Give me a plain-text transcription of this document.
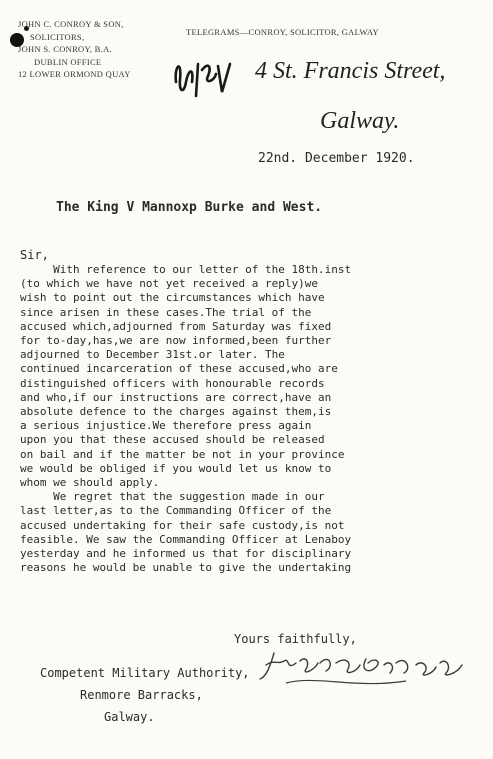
JOHN C. CONROY & SON,
SOLICITORS,
JOHN S. CONROY, B.A.
DUBLIN OFFICE
12 LOWER ORMOND QUAY
TELEGRAMS—CONROY, SOLICITOR, GALWAY
4 St. Francis Street,
Galway.
22nd. December 1920.
The King V Mannoxp Burke and West.
Sir,
With reference to our letter of the 18th.inst
(to which we have not yet received a reply)we
wish to point out the circumstances which have
since arisen in these cases.The trial of the
accused which,adjourned from Saturday was fixed
for to-day,has,we are now informed,been further
adjourned to December 31st.or later. The
continued incarceration of these accused,who are
distinguished officers with honourable records
and who,if our instructions are correct,have an
absolute defence to the charges against them,is
a serious injustice.We therefore press again
upon you that these accused should be released
on bail and if the matter be not in your province
we would be obliged if you would let us know to
whom we should apply.
We regret that the suggestion made in our
last letter,as to the Commanding Officer of the
accused undertaking for their safe custody,is not
feasible. We saw the Commanding Officer at Lenaboy
yesterday and he informed us that for disciplinary
reasons he would be unable to give the undertaking
Yours faithfully,
Competent Military Authority,
Renmore Barracks,
Galway.
